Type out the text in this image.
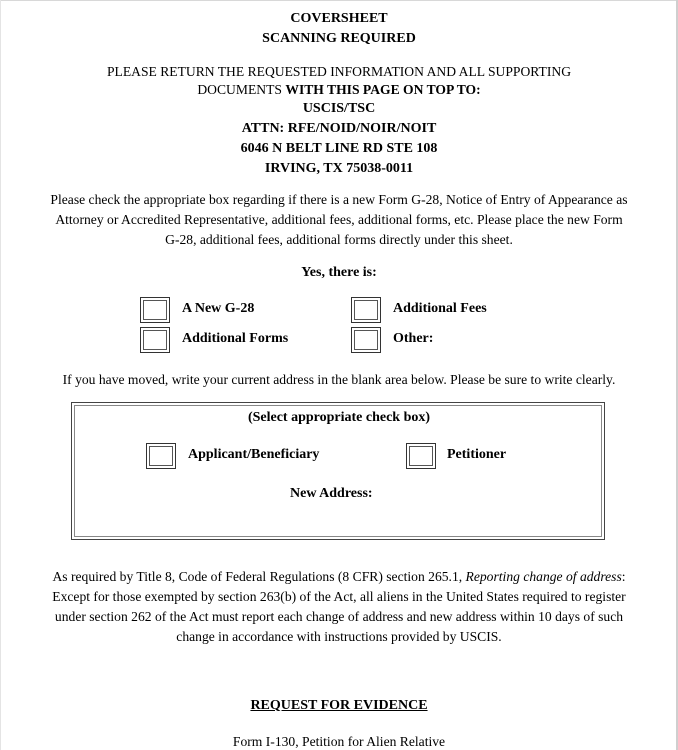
COVERSHEET
SCANNING REQUIRED
PLEASE RETURN THE REQUESTED INFORMATION AND ALL SUPPORTING
DOCUMENTS WITH THIS PAGE ON TOP TO:
USCIS/TSC
ATTN: RFE/NOID/NOIR/NOIT
6046 N BELT LINE RD STE 108
IRVING, TX 75038-0011
Please check the appropriate box regarding if there is a new Form G-28, Notice of Entry of Appearance as
Attorney or Accredited Representative, additional fees, additional forms, etc. Please place the new Form
G-28, additional fees, additional forms directly under this sheet.
Yes, there is:
A New G-28	Additional Fees
Additional Forms	Other:
If you have moved, write your current address in the blank area below. Please be sure to write clearly.
(Select appropriate check box)
Applicant/Beneficiary	Petitioner
New Address:
As required by Title 8, Code of Federal Regulations (8 CFR) section 265.1, Reporting change of address:
Except for those exempted by section 263(b) of the Act, all aliens in the United States required to register
under section 262 of the Act must report each change of address and new address within 10 days of such
change in accordance with instructions provided by USCIS.
REQUEST FOR EVIDENCE
Form I-130, Petition for Alien Relative
